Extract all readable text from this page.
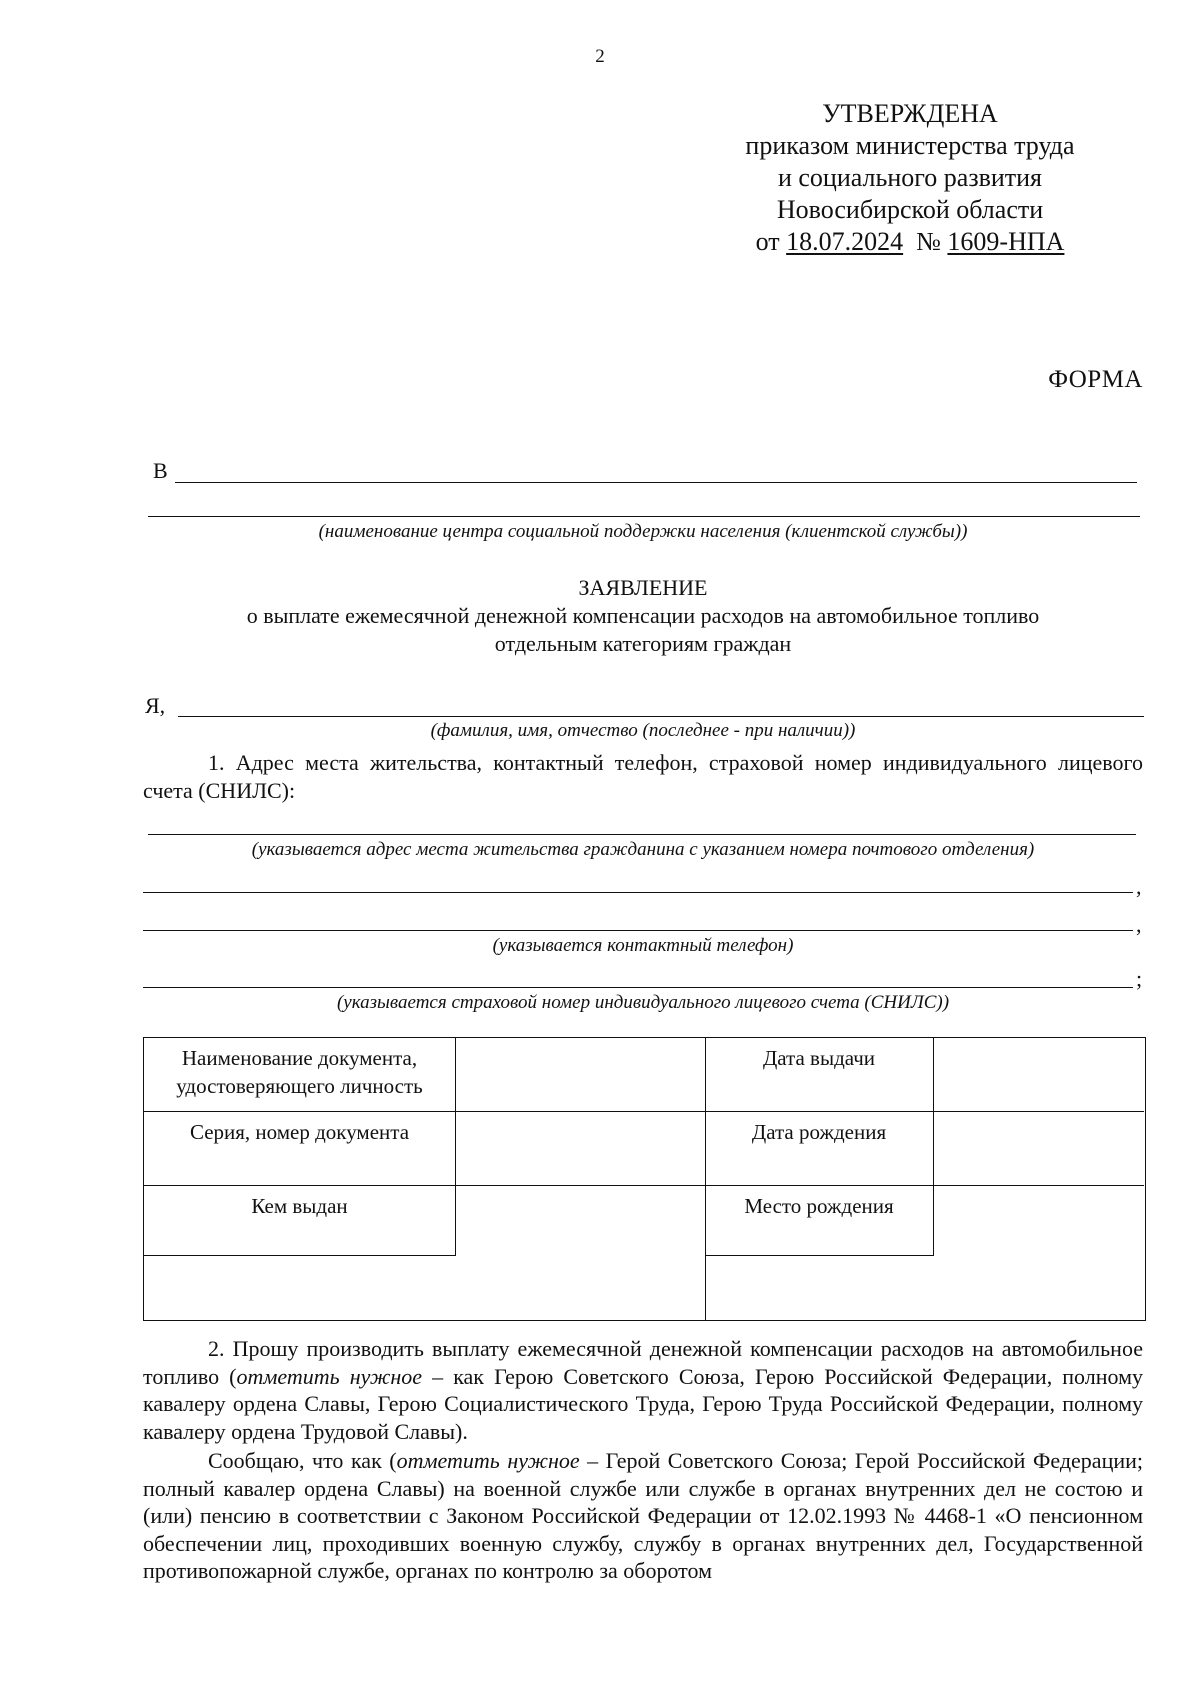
2
УТВЕРЖДЕНА
приказом министерства труда
и социального развития
Новосибирской области
от 18.07.2024 № 1609-НПА
ФОРМА
В
(наименование центра социальной поддержки населения (клиентской службы))
ЗАЯВЛЕНИЕ
о выплате ежемесячной денежной компенсации расходов на автомобильное топливо
отдельным категориям граждан
Я,
(фамилия, имя, отчество (последнее - при наличии))
1. Адрес места жительства, контактный телефон, страховой номер индивидуального лицевого счета (СНИЛС):
(указывается адрес места жительства гражданина с указанием номера почтового отделения)
,
,
(указывается контактный телефон)
;
(указывается страховой номер индивидуального лицевого счета (СНИЛС))
Наименование документа, удостоверяющего личность
Дата выдачи
Серия, номер документа	Дата рождения
Кем выдан	Место рождения
2. Прошу производить выплату ежемесячной денежной компенсации расходов на автомобильное топливо (отметить нужное – как Герою Советского Союза, Герою Российской Федерации, полному кавалеру ордена Славы, Герою Социалистического Труда, Герою Труда Российской Федерации, полному кавалеру ордена Трудовой Славы).
Сообщаю, что как (отметить нужное – Герой Советского Союза; Герой Российской Федерации; полный кавалер ордена Славы) на военной службе или службе в органах внутренних дел не состою и (или) пенсию в соответствии с Законом Российской Федерации от 12.02.1993 № 4468-1 «О пенсионном обеспечении лиц, проходивших военную службу, службу в органах внутренних дел, Государственной противопожарной службе, органах по контролю за оборотом
